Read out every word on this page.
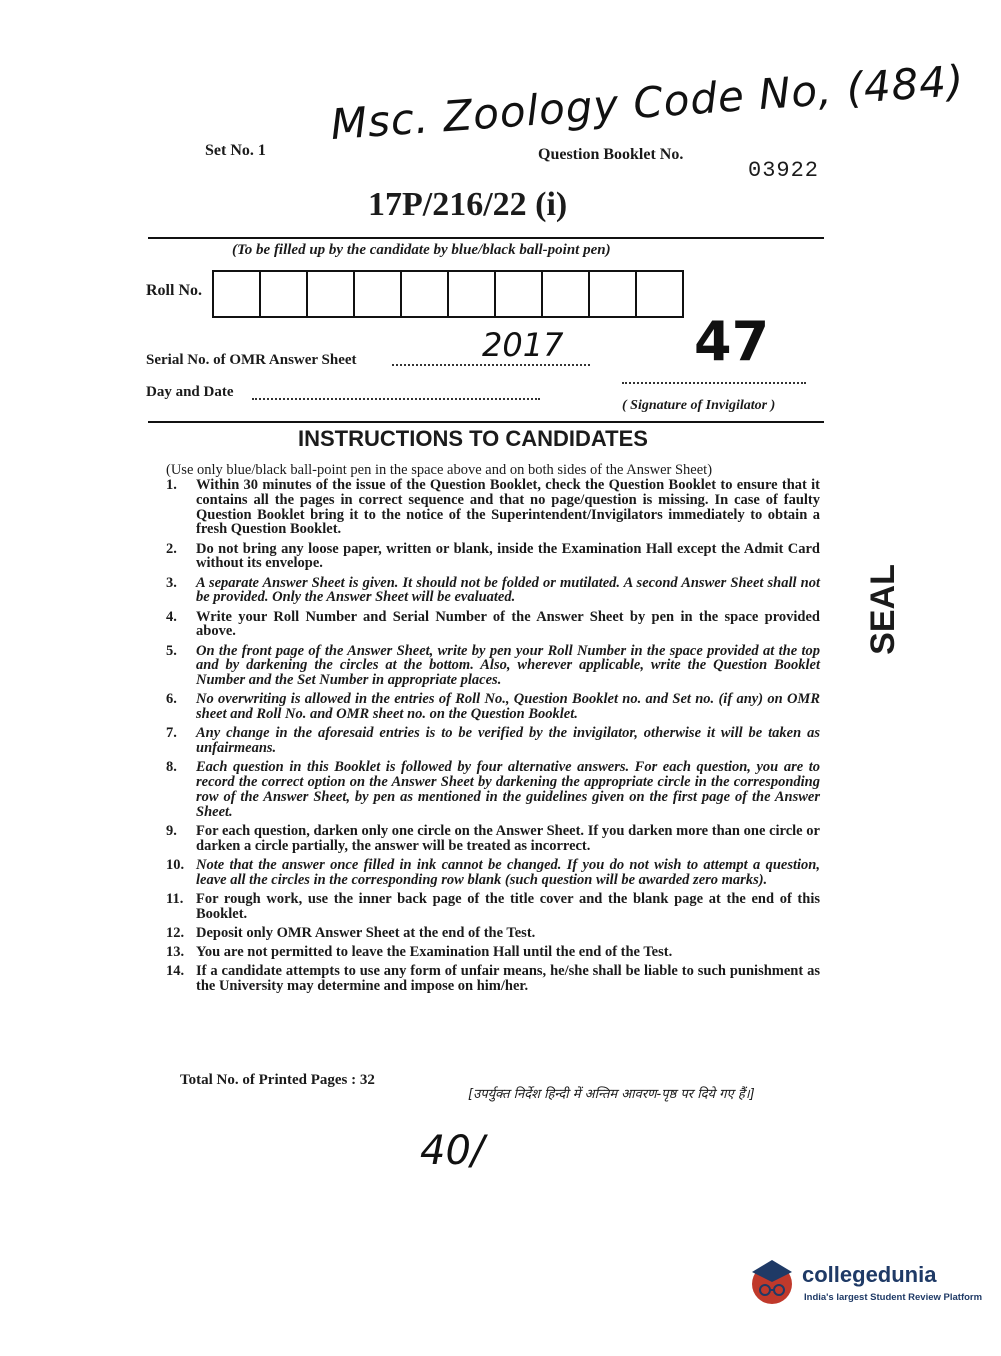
Msc. Zoology Code No, (484)
Set No. 1	Question Booklet No.
03922
17P/216/22 (i)
(To be filled up by the candidate by blue/black ball-point pen)
Roll No.
Serial No. of OMR Answer Sheet	2017 47
Day and Date
( Signature of Invigilator )
INSTRUCTIONS TO CANDIDATES
(Use only blue/black ball-point pen in the space above and on both sides of the Answer Sheet)
1. Within 30 minutes of the issue of the Question Booklet, check the Question Booklet to ensure that it contains all the pages in correct sequence and that no page/question is missing. In case of faulty Question Booklet bring it to the notice of the Superintendent/Invigilators immediately to obtain a fresh Question Booklet.
2. Do not bring any loose paper, written or blank, inside the Examination Hall except the Admit Card without its envelope.
3. A separate Answer Sheet is given. It should not be folded or mutilated. A second Answer Sheet shall not be provided. Only the Answer Sheet will be evaluated.
4. Write your Roll Number and Serial Number of the Answer Sheet by pen in the space provided above.
5. On the front page of the Answer Sheet, write by pen your Roll Number in the space provided at the top and by darkening the circles at the bottom. Also, wherever applicable, write the Question Booklet Number and the Set Number in appropriate places.
6. No overwriting is allowed in the entries of Roll No., Question Booklet no. and Set no. (if any) on OMR sheet and Roll No. and OMR sheet no. on the Question Booklet.
7. Any change in the aforesaid entries is to be verified by the invigilator, otherwise it will be taken as unfairmeans.
8. Each question in this Booklet is followed by four alternative answers. For each question, you are to record the correct option on the Answer Sheet by darkening the appropriate circle in the corresponding row of the Answer Sheet, by pen as mentioned in the guidelines given on the first page of the Answer Sheet.
9. For each question, darken only one circle on the Answer Sheet. If you darken more than one circle or darken a circle partially, the answer will be treated as incorrect.
10. Note that the answer once filled in ink cannot be changed. If you do not wish to attempt a question, leave all the circles in the corresponding row blank (such question will be awarded zero marks).
11. For rough work, use the inner back page of the title cover and the blank page at the end of this Booklet.
12. Deposit only OMR Answer Sheet at the end of the Test.
13. You are not permitted to leave the Examination Hall until the end of the Test.
14. If a candidate attempts to use any form of unfair means, he/she shall be liable to such punishment as the University may determine and impose on him/her.
SEAL
Total No. of Printed Pages : 32
[उपर्युक्त निर्देश हिन्दी में अन्तिम आवरण-पृष्ठ पर दिये गए हैं।]
40/
collegedunia
India's largest Student Review Platform
